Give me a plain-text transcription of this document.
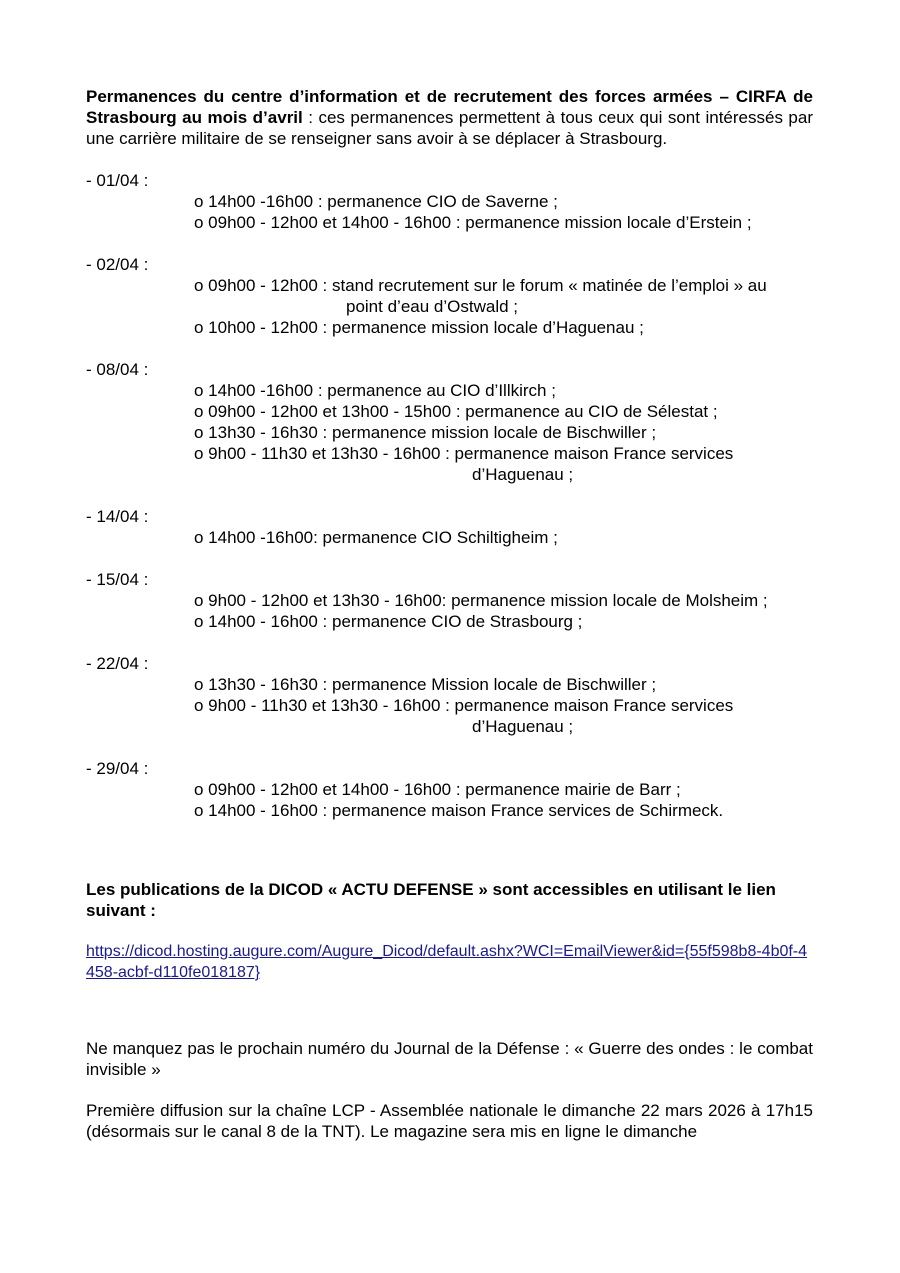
Permanences du centre d’information et de recrutement des forces armées – CIRFA de Strasbourg au mois d’avril : ces permanences permettent à tous ceux qui sont intéressés par une carrière militaire de se renseigner sans avoir à se déplacer à Strasbourg.

- 01/04 :
o 14h00 -16h00 : permanence CIO de Saverne ;
o 09h00 - 12h00 et 14h00 - 16h00 : permanence mission locale d’Erstein ;
- 02/04 :
o 09h00 - 12h00 : stand recrutement sur le forum « matinée de l’emploi » au
point d’eau d’Ostwald ;
o 10h00 - 12h00 : permanence mission locale d’Haguenau ;
- 08/04 :
o 14h00 -16h00 : permanence au CIO d’Illkirch ;
o 09h00 - 12h00 et 13h00 - 15h00 : permanence au CIO de Sélestat ;
o 13h30 - 16h30 : permanence mission locale de Bischwiller ;
o 9h00 - 11h30 et 13h30 - 16h00 : permanence maison France services
d’Haguenau ;
- 14/04 :
o 14h00 -16h00: permanence CIO Schiltigheim ;
- 15/04 :
o 9h00 - 12h00 et 13h30 - 16h00: permanence mission locale de Molsheim ;
o 14h00 - 16h00 : permanence CIO de Strasbourg ;
- 22/04 :
o 13h30 - 16h30 : permanence Mission locale de Bischwiller ;
o 9h00 - 11h30 et 13h30 - 16h00 : permanence maison France services
d’Haguenau ;
- 29/04 :
o 09h00 - 12h00 et 14h00 - 16h00 : permanence mairie de Barr ;
o 14h00 - 16h00 : permanence maison France services de Schirmeck.

Les publications de la DICOD « ACTU DEFENSE » sont accessibles en utilisant le lien suivant :

https://dicod.hosting.augure.com/Augure_Dicod/default.ashx?WCI=EmailViewer&id={55f598b8-4b0f-4458-acbf-d110fe018187}

Ne manquez pas le prochain numéro du Journal de la Défense : « Guerre des ondes : le combat invisible »

Première diffusion sur la chaîne LCP - Assemblée nationale le dimanche 22 mars 2026 à 17h15 (désormais sur le canal 8 de la TNT). Le magazine sera mis en ligne le dimanche
